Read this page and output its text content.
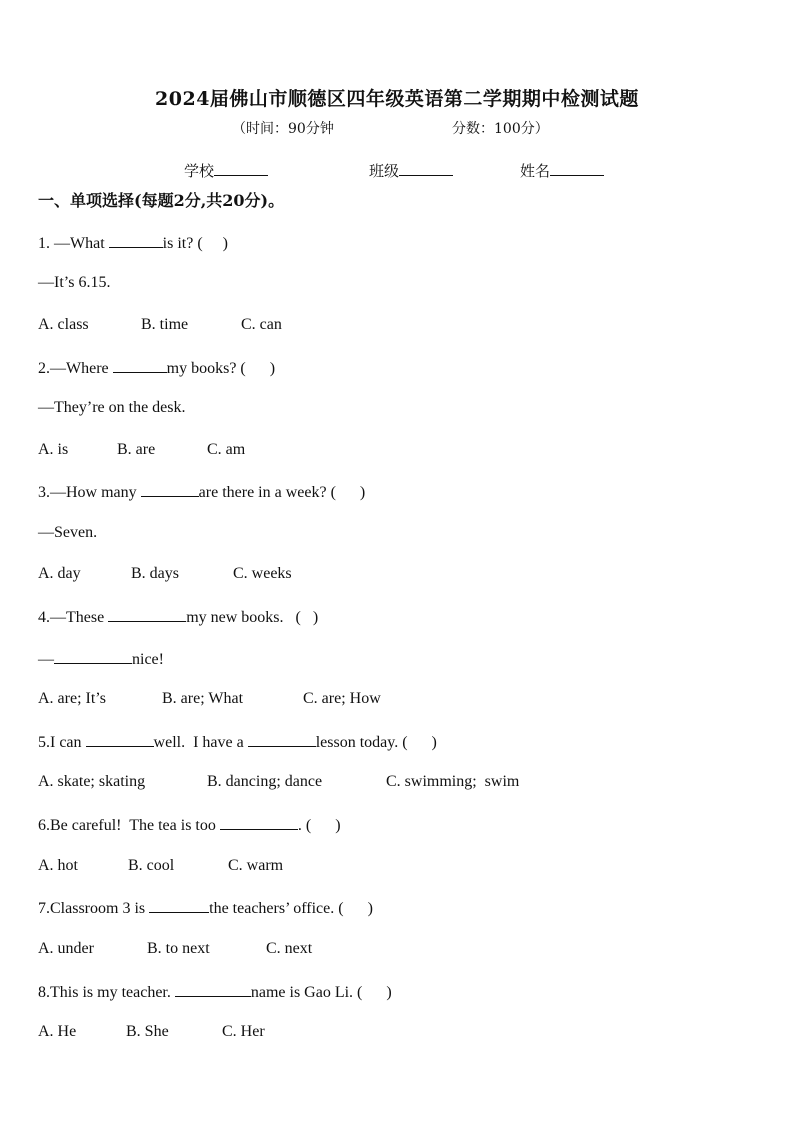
2024届佛山市顺德区四年级英语第二学期期中检测试题
（时间：90分钟	分数：100分）
学校	班级	姓名
一、单项选择(每题2分,共20分)。
1. —What	is it? (     )
—It’s 6.15.
A. class	B. time	C. can
2.—Where	my books? (      )
—They’re on the desk.
A. is	B. are	C. am
3.—How many	are there in a week? (      )
—Seven.
A. day	B. days	C. weeks
4.—These	my new books.   (   )
—	nice!
A. are; It’s	B. are; What	C. are; How
5.I can	well.  I have a	lesson today. (      )
A. skate; skating	B. dancing; dance	C. swimming;  swim
6.Be careful!  The tea is too	. (      )
A. hot	B. cool	C. warm
7.Classroom 3 is	the teachers’ office. (      )
A. under	B. to next	C. next
8.This is my teacher.	name is Gao Li. (      )
A. He	B. She	C. Her
